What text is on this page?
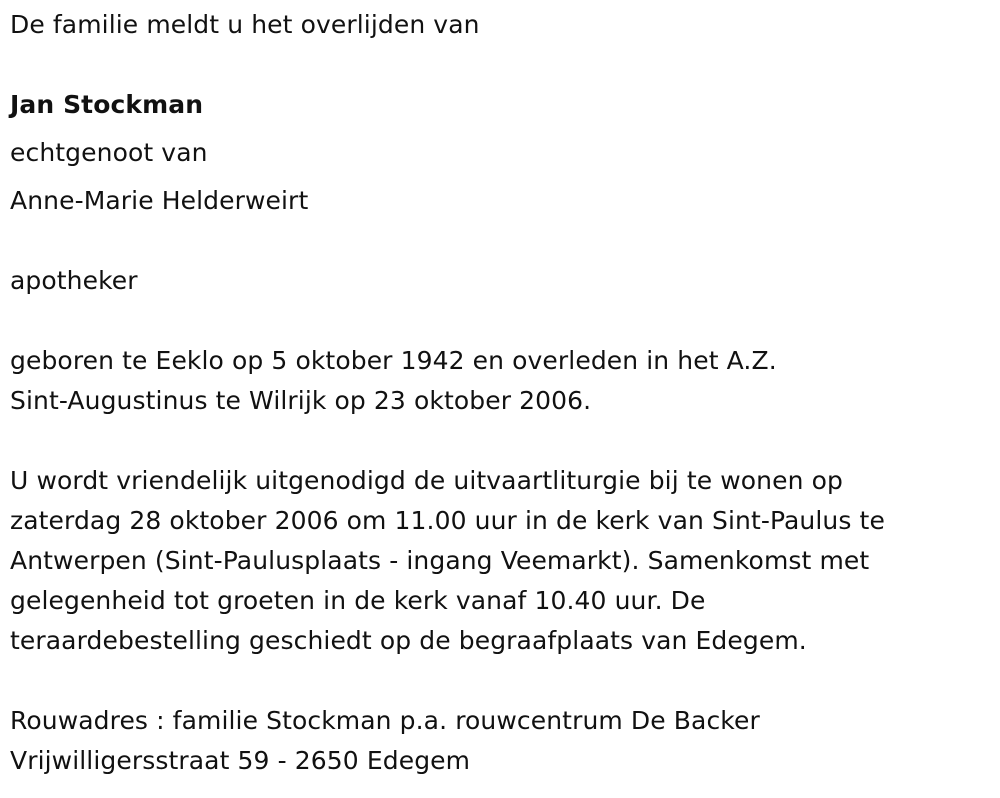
De familie meldt u het overlijden van
Jan Stockman
echtgenoot van
Anne-Marie Helderweirt
apotheker
geboren te Eeklo op 5 oktober 1942 en overleden in het A.Z.
Sint-Augustinus te Wilrijk op 23 oktober 2006.
U wordt vriendelijk uitgenodigd de uitvaartliturgie bij te wonen op
zaterdag 28 oktober 2006 om 11.00 uur in de kerk van Sint-Paulus te
Antwerpen (Sint-Paulusplaats - ingang Veemarkt). Samenkomst met
gelegenheid tot groeten in de kerk vanaf 10.40 uur. De
teraardebestelling geschiedt op de begraafplaats van Edegem.
Rouwadres : familie Stockman p.a. rouwcentrum De Backer
Vrijwilligersstraat 59 - 2650 Edegem
